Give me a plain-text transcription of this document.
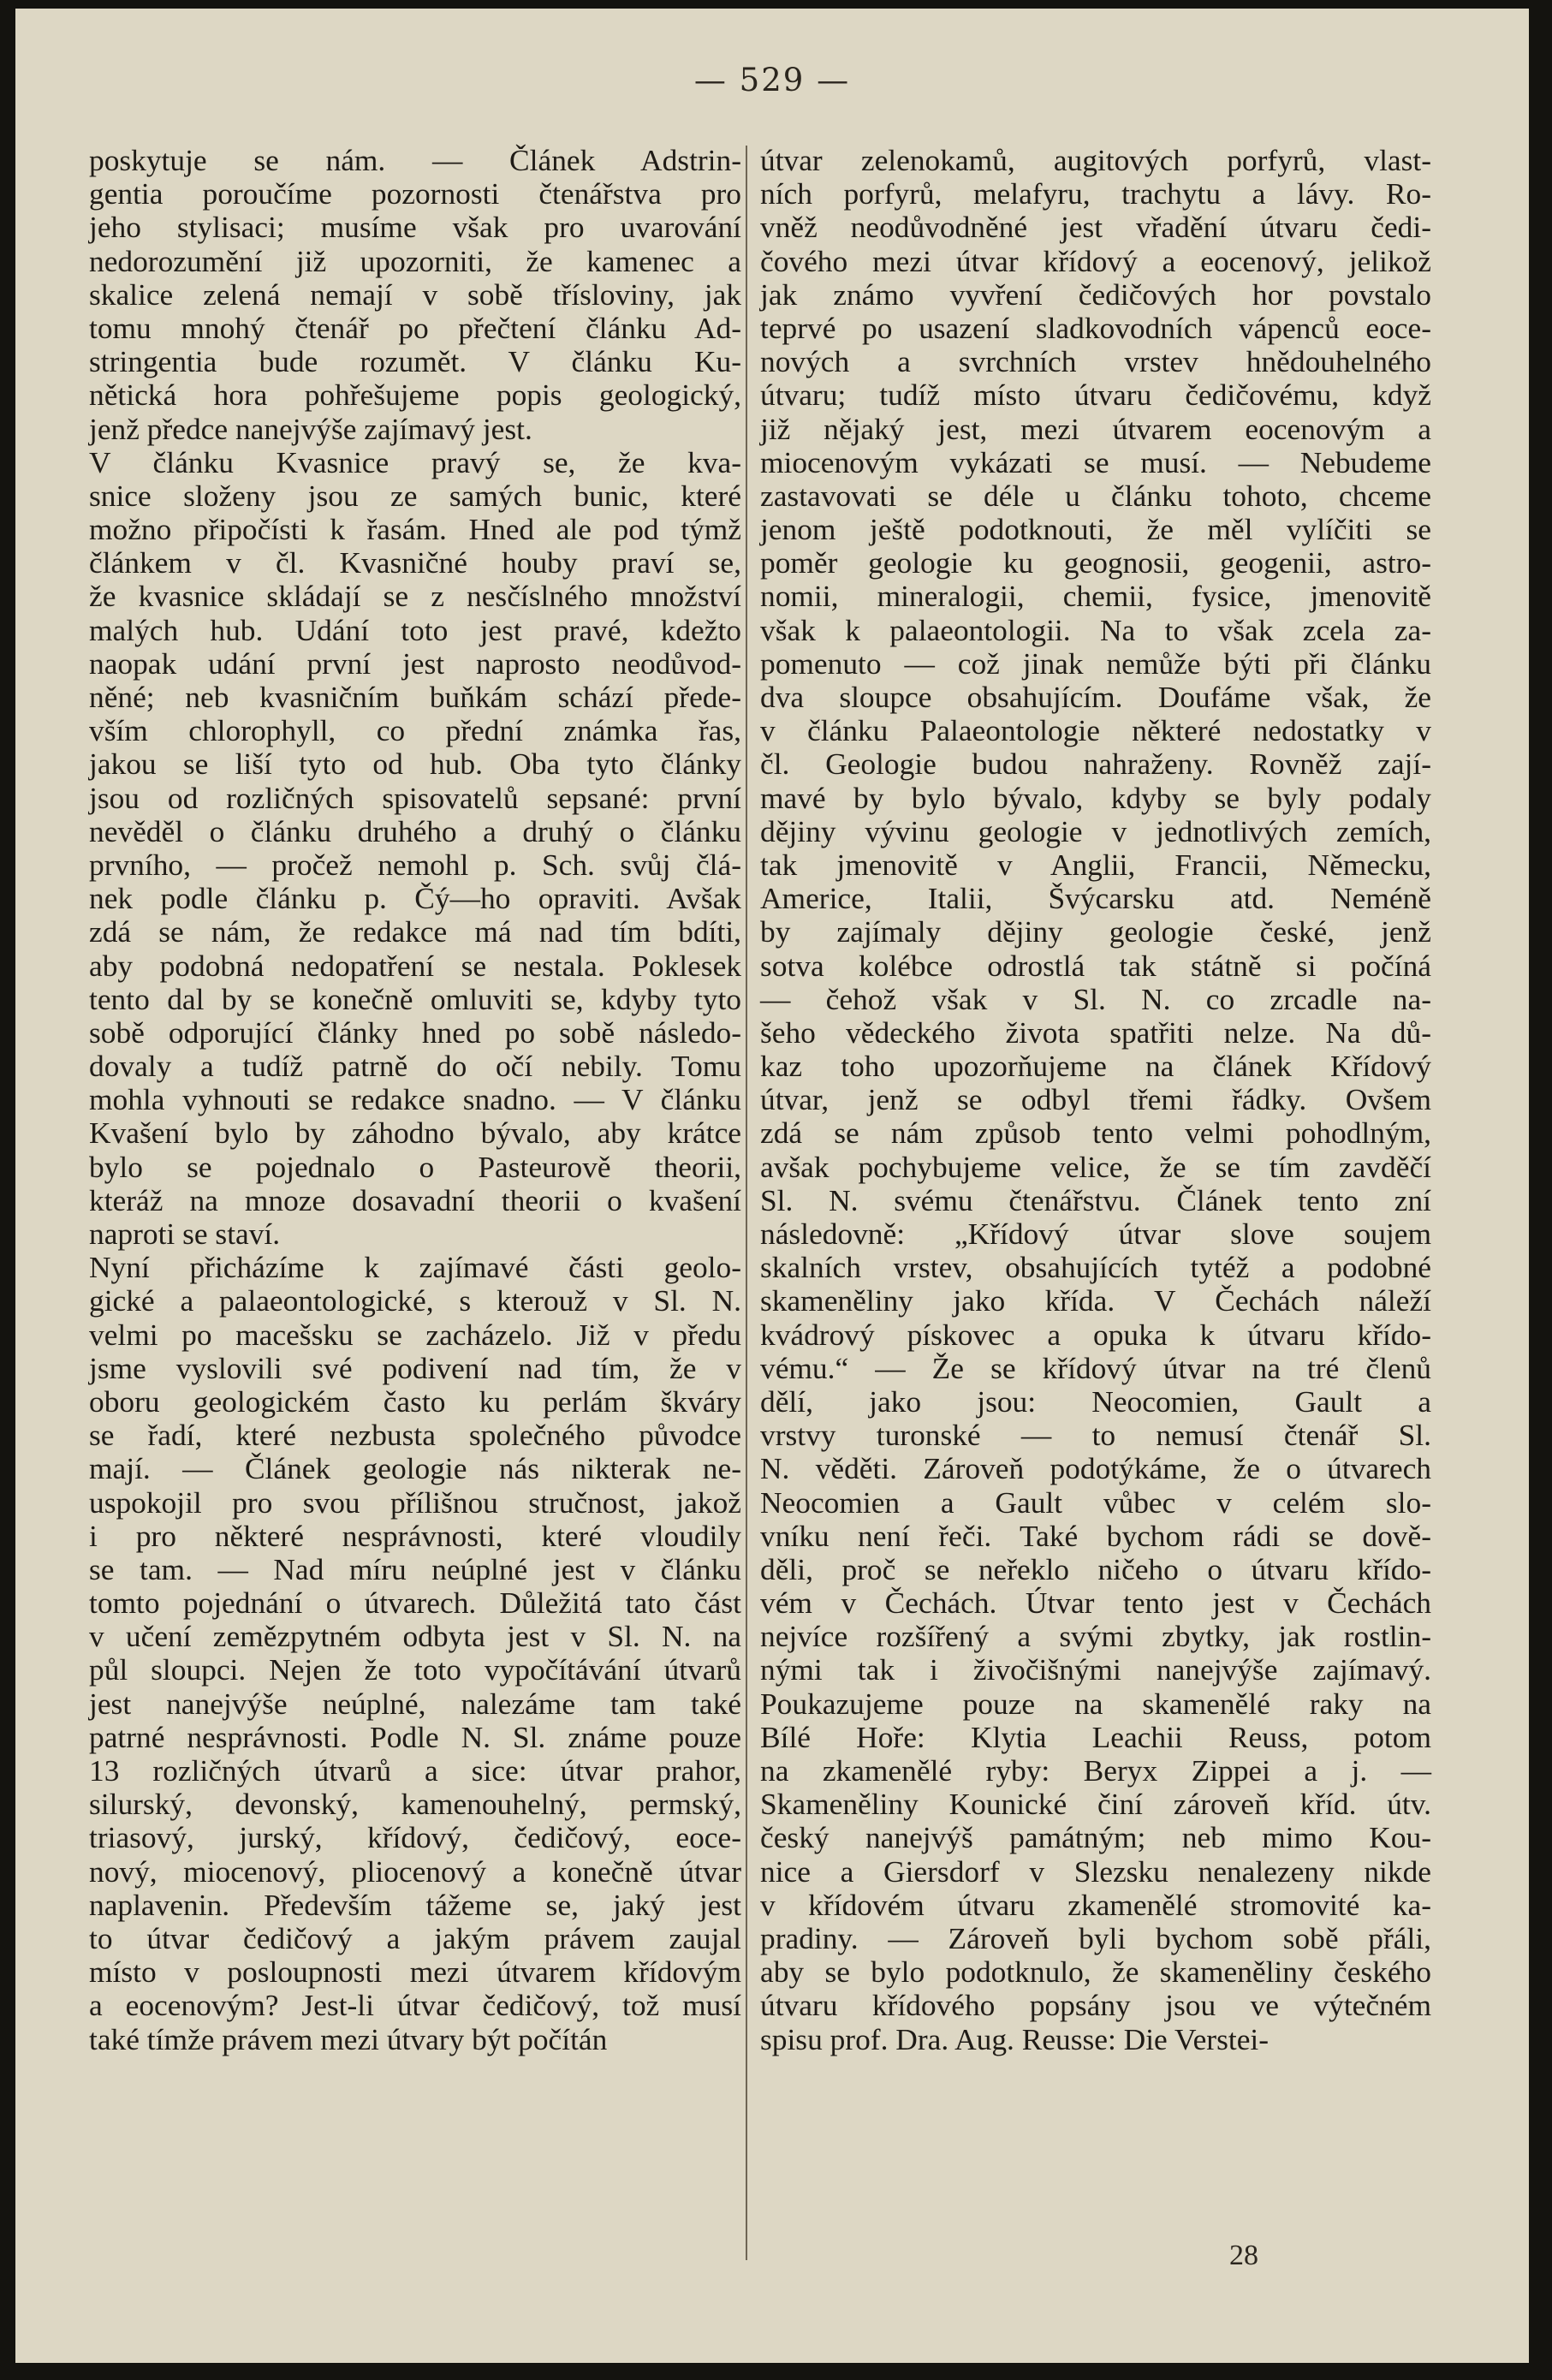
— 529 —
poskytuje se nám. — Článek Adstrin-
gentia poroučíme pozornosti čtenářstva pro
jeho stylisaci; musíme však pro uvarování
nedorozumění již upozorniti, že kamenec a
skalice zelená nemají v sobě třísloviny, jak
tomu mnohý čtenář po přečtení článku Ad-
stringentia bude rozumět. V článku Ku-
nětická hora pohřešujeme popis geologický,
jenž předce nanejvýše zajímavý jest.
V článku Kvasnice pravý se, že kva-
snice složeny jsou ze samých bunic, které
možno připočísti k řasám. Hned ale pod týmž
článkem v čl. Kvasničné houby praví se,
že kvasnice skládají se z nesčíslného množství
malých hub. Udání toto jest pravé, kdežto
naopak udání první jest naprosto neodůvod-
něné; neb kvasničním buňkám schází přede-
vším chlorophyll, co přední známka řas,
jakou se liší tyto od hub. Oba tyto články
jsou od rozličných spisovatelů sepsané: první
nevěděl o článku druhého a druhý o článku
prvního, — pročež nemohl p. Sch. svůj člá-
nek podle článku p. Čý—ho opraviti. Avšak
zdá se nám, že redakce má nad tím bdíti,
aby podobná nedopatření se nestala. Poklesek
tento dal by se konečně omluviti se, kdyby tyto
sobě odporující články hned po sobě následo-
dovaly a tudíž patrně do očí nebily. Tomu
mohla vyhnouti se redakce snadno. — V článku
Kvašení bylo by záhodno bývalo, aby krátce
bylo se pojednalo o Pasteurově theorii,
kteráž na mnoze dosavadní theorii o kvašení
naproti se staví.
Nyní přicházíme k zajímavé části geolo-
gické a palaeontologické, s kterouž v Sl. N.
velmi po macešsku se zacházelo. Již v předu
jsme vyslovili své podivení nad tím, že v
oboru geologickém často ku perlám škváry
se řadí, které nezbusta společného původce
mají. — Článek geologie nás nikterak ne-
uspokojil pro svou přílišnou stručnost, jakož
i pro některé nesprávnosti, které vloudily
se tam. — Nad míru neúplné jest v článku
tomto pojednání o útvarech. Důležitá tato část
v učení zemězpytném odbyta jest v Sl. N. na
půl sloupci. Nejen že toto vypočítávání útvarů
jest nanejvýše neúplné, nalezáme tam také
patrné nesprávnosti. Podle N. Sl. známe pouze
13 rozličných útvarů a sice: útvar prahor,
silurský, devonský, kamenouhelný, permský,
triasový, jurský, křídový, čedičový, eoce-
nový, miocenový, pliocenový a konečně útvar
naplavenin. Především tážeme se, jaký jest
to útvar čedičový a jakým právem zaujal
místo v posloupnosti mezi útvarem křídovým
a eocenovým? Jest-li útvar čedičový, tož musí
také tímže právem mezi útvary být počítán
útvar zelenokamů, augitových porfyrů, vlast-
ních porfyrů, melafyru, trachytu a lávy. Ro-
vněž neodůvodněné jest vřadění útvaru čedi-
čového mezi útvar křídový a eocenový, jelikož
jak známo vyvření čedičových hor povstalo
teprvé po usazení sladkovodních vápenců eoce-
nových a svrchních vrstev hnědouhelného
útvaru; tudíž místo útvaru čedičovému, když
již nějaký jest, mezi útvarem eocenovým a
miocenovým vykázati se musí. — Nebudeme
zastavovati se déle u článku tohoto, chceme
jenom ještě podotknouti, že měl vylíčiti se
poměr geologie ku geognosii, geogenii, astro-
nomii, mineralogii, chemii, fysice, jmenovitě
však k palaeontologii. Na to však zcela za-
pomenuto — což jinak nemůže býti při článku
dva sloupce obsahujícím. Doufáme však, že
v článku Palaeontologie některé nedostatky v
čl. Geologie budou nahraženy. Rovněž zají-
mavé by bylo bývalo, kdyby se byly podaly
dějiny vývinu geologie v jednotlivých zemích,
tak jmenovitě v Anglii, Francii, Německu,
Americe, Italii, Švýcarsku atd. Neméně
by zajímaly dějiny geologie české, jenž
sotva kolébce odrostlá tak státně si počíná
— čehož však v Sl. N. co zrcadle na-
šeho vědeckého života spatřiti nelze. Na dů-
kaz toho upozorňujeme na článek Křídový
útvar, jenž se odbyl třemi řádky. Ovšem
zdá se nám způsob tento velmi pohodlným,
avšak pochybujeme velice, že se tím zavděčí
Sl. N. svému čtenářstvu. Článek tento zní
následovně: „Křídový útvar slove soujem
skalních vrstev, obsahujících tytéž a podobné
skameněliny jako křída. V Čechách náleží
kvádrový pískovec a opuka k útvaru křído-
vému.“ — Že se křídový útvar na tré členů
dělí, jako jsou: Neocomien, Gault a
vrstvy turonské — to nemusí čtenář Sl.
N. věděti. Zároveň podotýkáme, že o útvarech
Neocomien a Gault vůbec v celém slo-
vníku není řeči. Také bychom rádi se dově-
děli, proč se neřeklo ničeho o útvaru křído-
vém v Čechách. Útvar tento jest v Čechách
nejvíce rozšířený a svými zbytky, jak rostlin-
nými tak i živočišnými nanejvýše zajímavý.
Poukazujeme pouze na skamenělé raky na
Bílé Hoře: Klytia Leachii Reuss, potom
na zkamenělé ryby: Beryx Zippei a j. —
Skameněliny Kounické činí zároveň kříd. útv.
český nanejvýš památným; neb mimo Kou-
nice a Giersdorf v Slezsku nenalezeny nikde
v křídovém útvaru zkamenělé stromovité ka-
pradiny. — Zároveň byli bychom sobě přáli,
aby se bylo podotknulo, že skameněliny českého
útvaru křídového popsány jsou ve výtečném
spisu prof. Dra. Aug. Reusse: Die Verstei-
28
